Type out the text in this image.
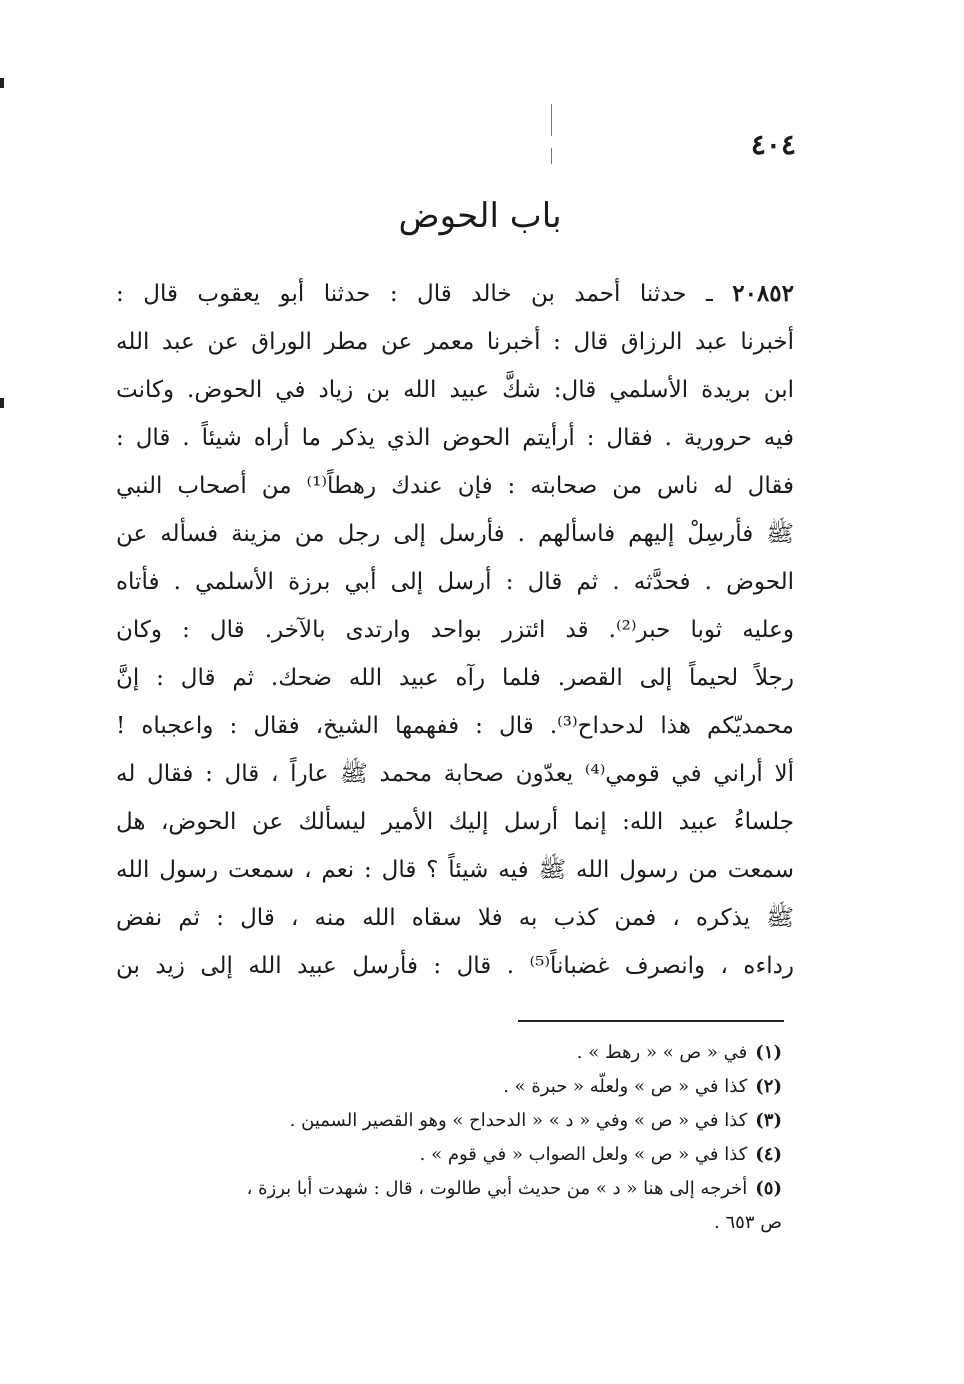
٤٠٤
باب الحوض
٢٠٨٥٢ ـ حدثنا أحمد بن خالد قال : حدثنا أبو يعقوب قال :
أخبرنا عبد الرزاق قال : أخبرنا معمر عن مطر الوراق عن عبد الله
ابن بريدة الأسلمي قال: شكَّ عبيد الله بن زياد في الحوض. وكانت
فيه حرورية . فقال : أرأيتم الحوض الذي يذكر ما أراه شيئاً . قال :
فقال له ناس من صحابته : فإن عندك رهطاً⁽¹⁾ من أصحاب النبي
ﷺ فأرسِلْ إليهم فاسألهم . فأرسل إلى رجل من مزينة فسأله عن
الحوض . فحدَّثه . ثم قال : أرسل إلى أبي برزة الأسلمي . فأتاه
وعليه ثوبا حبر⁽²⁾. قد ائتزر بواحد وارتدى بالآخر. قال : وكان
رجلاً لحيماً إلى القصر. فلما رآه عبيد الله ضحك. ثم قال : إنَّ
محمديّكم هذا لدحداح⁽³⁾. قال : ففهمها الشيخ، فقال : واعجباه !
ألا أراني في قومي⁽⁴⁾ يعدّون صحابة محمد ﷺ عاراً ، قال : فقال له
جلساءُ عبيد الله: إنما أرسل إليك الأمير ليسألك عن الحوض، هل
سمعت من رسول الله ﷺ فيه شيئاً ؟ قال : نعم ، سمعت رسول الله
ﷺ يذكره ، فمن كذب به فلا سقاه الله منه ، قال : ثم نفض
رداءه ، وانصرف غضباناً⁽⁵⁾ . قال : فأرسل عبيد الله إلى زيد بن
(١)في « ص » « رهط » .
(٢)كذا في « ص » ولعلّه « حبرة » .
(٣)كذا في « ص » وفي « د » « الدحداح » وهو القصير السمين .
(٤)كذا في « ص » ولعل الصواب « في قوم » .
(٥)أخرجه إلى هنا « د » من حديث أبي طالوت ، قال : شهدت أبا برزة ،
ص ٦٥٣ .
